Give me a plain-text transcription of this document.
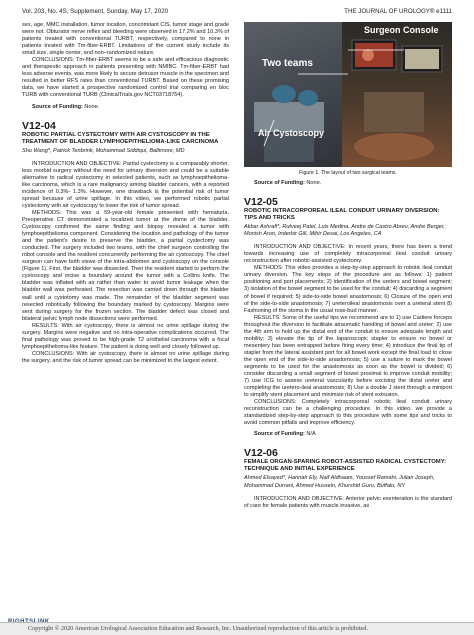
Vol. 203, No. 4S, Supplement, Sunday, May 17, 2020	THE JOURNAL OF UROLOGY® e1111

sex, age, MMC installation, tumor location, concomitant CIS, tumor stage and grade were not. Obturator nerve reflex and bleeding were observed in 17.2% and 10.3% of patients treated with conventional TURBT, respectively, compared to none in patients treated with Tm-fiber-ERBT. Limitations of the current study include its small size, single center, and non–randomized nature.

CONCLUSIONS: Tm-fiber-ERBT seems to be a safe and efficacious diagnostic and therapeutic approach in patients presenting with NMIBC. Tm-fiber-ERBT had less adverse events, was more likely to secure detrusor muscle in the specimen and resulted in better RFS rates than conventional TURBT. Based on these promising data, we have started a prospective randomized control trial comparing en bloc TURB with conventional TURB (ClinicalTrials.gov NCT03718754).

Source of Funding: None.

V12-04
ROBOTIC PARTIAL CYSTECTOMY WITH AIR CYSTOSCOPY IN THE TREATMENT OF BLADDER LYMPHOEPITHELIOMA-LIKE CARCINOMA
Shu Wang*, Patrick Tenbrink, Mohammad Siddiqui, Baltimore, MD

INTRODUCTION AND OBJECTIVE: Partial cystectomy is a comparably shorter, less morbid surgery without the need for urinary diversion and could be a suitable alternative to radical cystectomy in selected patients, such as lymphoepithelioma-like carcinoma, which is a rare malignancy among bladder cancers, with a reported incidence of 0.3%- 1.3%. However, one drawback is the potential risk of tumor spread because of urine spillage. In this video, we performed robotic partial cystectomy with air cystoscopy to lower the risk of tumor spread.

METHODS: This was a 59-year-old female presented with hematuria. Preoperative CT demonstrated a localized tumor at the dome of the bladder. Cystoscopy confirmed the same finding and biopsy revealed a tumor with lymphoepithelioma component. Considering the location and pathology of the tumor and the patient's desire to preserve the bladder, a partial cystectomy was conducted. The surgery included two teams, with the chief surgeon controlling the robot console and the resident concurrently performing the air cystoscopy. The chief surgeon can have both views of the intra-abdomen and cystoscopy on the console (Figure 1). First, the bladder was dissected. Then the resident started to perform the cystoscopy and incise a boundary around the tumor with a Collins knife. The bladder was inflated with air rather than water to avoid tumor leakage when the bladder wall was perforated. The resection was carried down through the bladder wall until a cystotomy was made. The remainder of the bladder segment was resected robotically following the boundary marked by cystoscopy. Margins were sent during surgery for the frozen section. The bladder defect was closed and bilateral pelvic lymph node dissections were performed.

RESULTS: With air cystoscopy, there is almost no urine spillage during the surgery. Margins were negative and no intra-operative complications occurred. The final pathology was proved to be high-grade T2 urothelial carcinoma with a focal lymphoepithelioma-like feature. The patient is doing well and closely followed up.

CONCLUSIONS: With air cystoscopy, there is almost no urine spillage during the surgery, and the risk of tumor spread can be minimized to the largest extent.

Surgeon Console
Two teams
Air Cystoscopy
Figure 1. The layout of two surgical teams.

Source of Funding: None.

V12-05
ROBOTIC INTRACORPOREAL ILEAL CONDUIT URINARY DIVERSION: TIPS AND TRICKS
Akbar Ashrafi*, Rutveej Patel, Luis Medina, Andre de Castro Abreu, Andre Berger, Monish Aron, Inderbir Gill, Mihir Desai, Los Angeles, CA

INTRODUCTION AND OBJECTIVE: In recent years, there has been a trend towards increasing use of completely intracorporeal ileal conduit urinary reconstruction after robotic-assisted cystectomy.

METHODS: This video provides a step-by-step approach to robotic ileal conduit urinary diversion. The key steps of the procedure are as follows: 1) patient positioning and port placements; 2) identification of the ureters and bowel segment; 3) isolation of the bowel segment to be used for the conduit; 4) discarding a segment of bowel if required; 5) side-to-side bowel anastomosis; 6) Closure of the open end of the side-to-side anastomosis; 7) ureteroileal anastomosis over a ureteral stent 8) Fashioning of the stoma in the usual rose-bud manner.

RESULTS: Some of the useful tips we recommend are to 1) use Cadiere forceps throughout the diversion to facilitate atraumatic handling of bowel and ureter; 2) use the 4th arm to hold up the distal end of the conduit to ensure adequate length and mobility; 3) elevate the tip of the laparoscopic stapler to ensure no bowel or mesentery has been entrapped before firing every time; 4) introduce the final tip of stapler from the lateral assistant port for all bowel work except the final load to close the open end of the side-to-side anastomosis; 5) use a suture to mark the bowel segments to be used for the anastomosis as soon as the bowel is divided; 6) consider discarding a small segment of bowel proximal to improve conduit mobility; 7) use ICG to assess ureteral vascularity before excising the distal ureter and completing the uretero-ileal anastomosis; 8) Use a double J stent through a miniport to simplify stent placement and minimize risk of stent extrusion.

CONCLUSIONS: Completely intracorporeal robotic ileal conduit urinary reconstruction can be a challenging procedure. In this video, we provide a standardized step-by-step approach to this procedure with some tips and tricks to avoid common pitfalls and improve efficiency.

Source of Funding: N/A

V12-06
FEMALE ORGAN-SPARING ROBOT-ASSISTED RADICAL CYSTECTOMY: TECHNIQUE AND INITIAL EXPERIENCE
Ahmed Elsayed*, Hannah Ely, Naif Aldhaam, Youssef Ramahi, Julian Joseph, Mohammad Durrani, Ahmed Hussein, Khurshid Guru, Buffalo, NY

INTRODUCTION AND OBJECTIVE: Anterior pelvic exenteration is the standard of care for female patients with muscle invasive, as

Copyright © 2020 American Urological Association Education and Research, Inc. Unauthorized reproduction of this article is prohibited.
